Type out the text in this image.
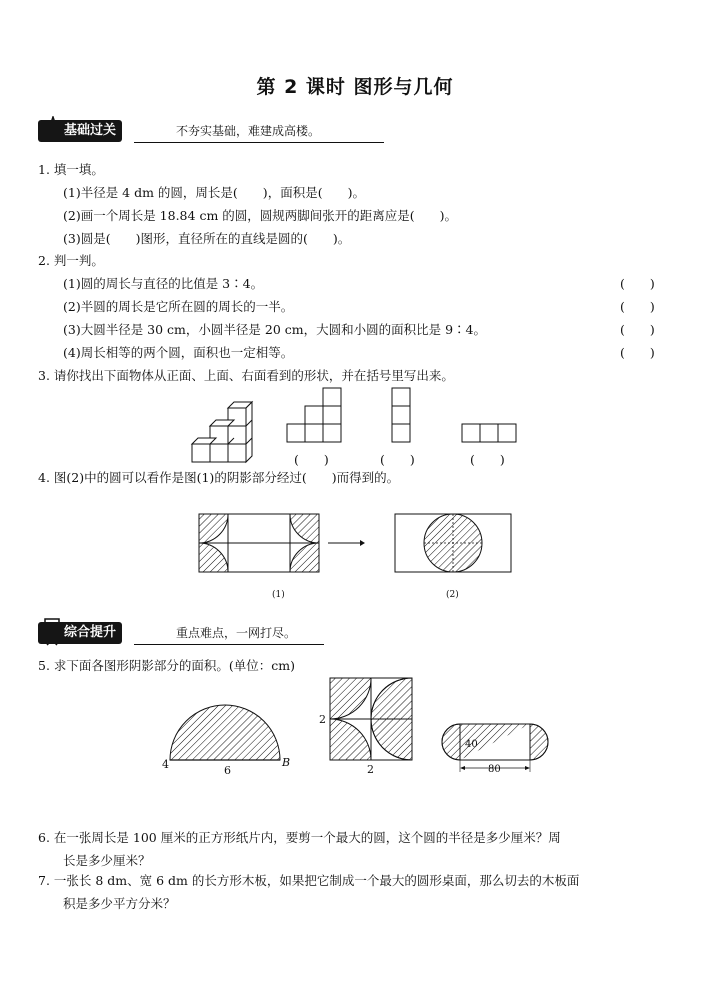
第 2 课时 图形与几何
基础过关	不夯实基础，难建成高楼。
1. 填一填。
(1)半径是 4 dm 的圆，周长是(　　)，面积是(　　)。
(2)画一个周长是 18.84 cm 的圆，圆规两脚间张开的距离应是(　　)。
(3)圆是(　　)图形，直径所在的直线是圆的(　　)。
2. 判一判。
(1)圆的周长与直径的比值是 3∶4。	(　　)
(2)半圆的周长是它所在圆的周长的一半。	(　　)
(3)大圆半径是 30 cm，小圆半径是 20 cm，大圆和小圆的面积比是 9∶4。	(　　)
(4)周长相等的两个圆，面积也一定相等。	(　　)
3. 请你找出下面物体从正面、上面、右面看到的形状，并在括号里写出来。
(　　)	(　　)	(　　)
4. 图(2)中的圆可以看作是图(1)的阴影部分经过(　　)而得到的。
(1)	(2)
综合提升	重点难点，一网打尽。
5. 求下面各图形阴影部分的面积。(单位：cm)
4	6
B
2
2
40
80
6. 在一张周长是 100 厘米的正方形纸片内，要剪一个最大的圆，这个圆的半径是多少厘米？周
长是多少厘米？
7. 一张长 8 dm、宽 6 dm 的长方形木板，如果把它制成一个最大的圆形桌面，那么切去的木板面
积是多少平方分米？
